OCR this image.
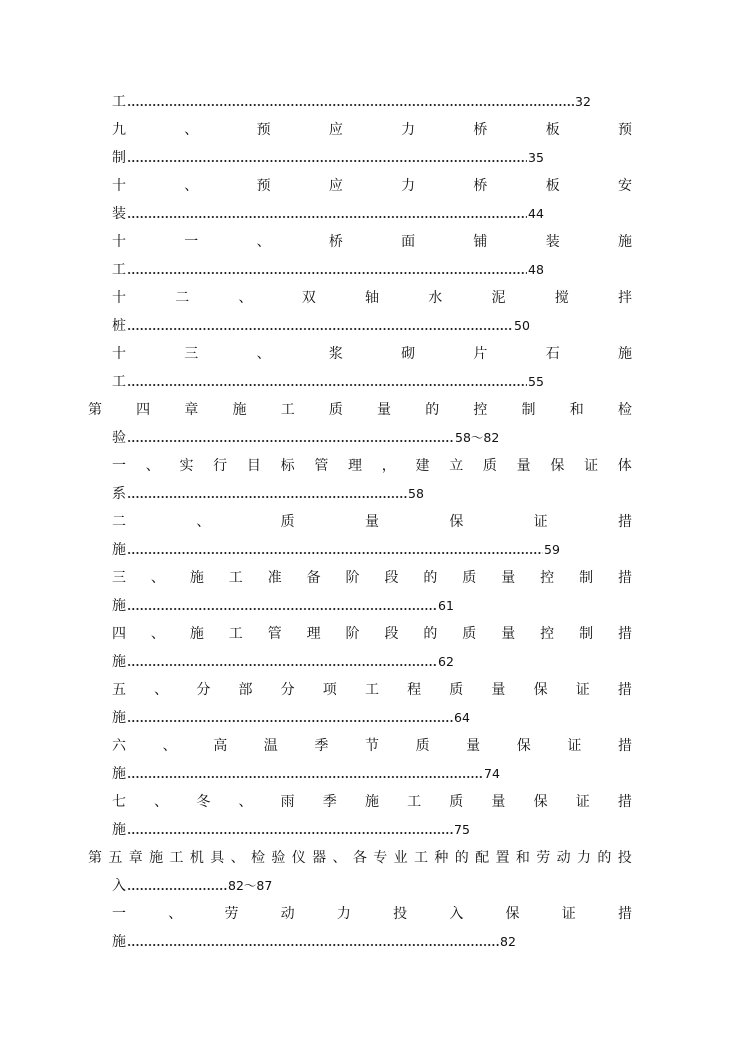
工	32
九	、	预	应	力	桥	板	预
制	35
十	、	预	应	力	桥	板	安
装	44
十	一	、	桥	面	铺	装	施
工	48
十	二	、	双	轴	水	泥	搅	拌
桩	50
十	三	、	浆	砌	片	石	施
工	55
第 四 章 施 工 质 量 的 控 制 和 检
验	58～82
一 、 实 行 目 标 管 理 ， 建 立 质 量 保 证 体
系	58
二	、	质	量	保	证	措
施	59
三 、 施 工 准 备 阶 段 的 质 量 控 制 措
施	61
四 、 施 工 管 理 阶 段 的 质 量 控 制 措
施	62
五 、 分 部 分 项 工 程 质 量 保 证 措
施	64
六	、	高	温	季	节	质	量	保	证	措
施	74
七 、 冬 、 雨 季 施 工 质 量 保 证 措
施	75
第 五 章 施 工 机 具 、 检 验 仪 器 、 各 专 业 工 种 的 配 置 和 劳 动 力 的 投
入	82～87
一	、	劳	动	力	投	入	保	证	措
施	82
